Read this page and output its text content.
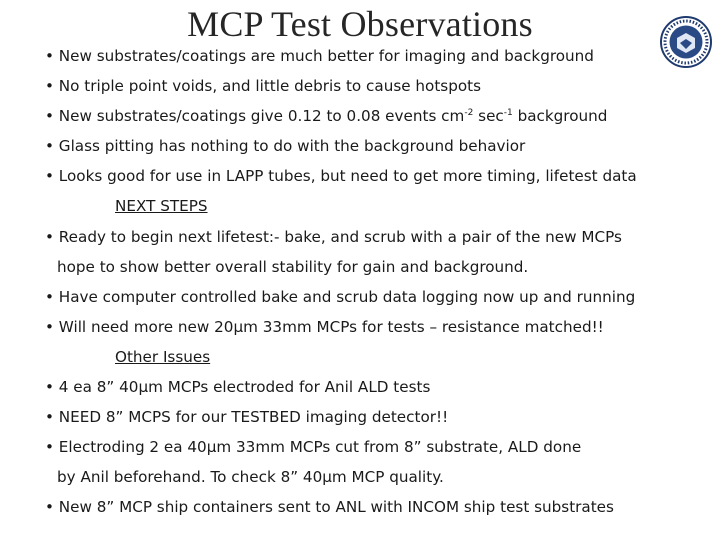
MCP Test Observations
• New substrates/coatings are much better for imaging and background
• No triple point voids, and little debris to cause hotspots
• New substrates/coatings give 0.12 to 0.08 events $cm^{-2}$ $\sec^{-1}$ background
• Glass pitting has nothing to do with the background behavior
• Looks good for use in LAPP tubes, but need to get more timing, lifetest data
NEXT STEPS
• Ready to begin next lifetest:- bake, and scrub with a pair of the new MCPs
hope to show better overall stability for gain and background.
• Have computer controlled bake and scrub data logging now up and running
• Will need more new 20µm 33mm MCPs for tests – resistance matched!!
Other Issues
• 4 ea 8” 40µm MCPs electroded for Anil ALD tests
• NEED 8” MCPS for our TESTBED imaging detector!!
• Electroding 2 ea 40µm 33mm MCPs cut from 8” substrate, ALD done
by Anil beforehand. To check 8” 40µm MCP quality.
• New 8” MCP ship containers sent to ANL with INCOM ship test substrates
